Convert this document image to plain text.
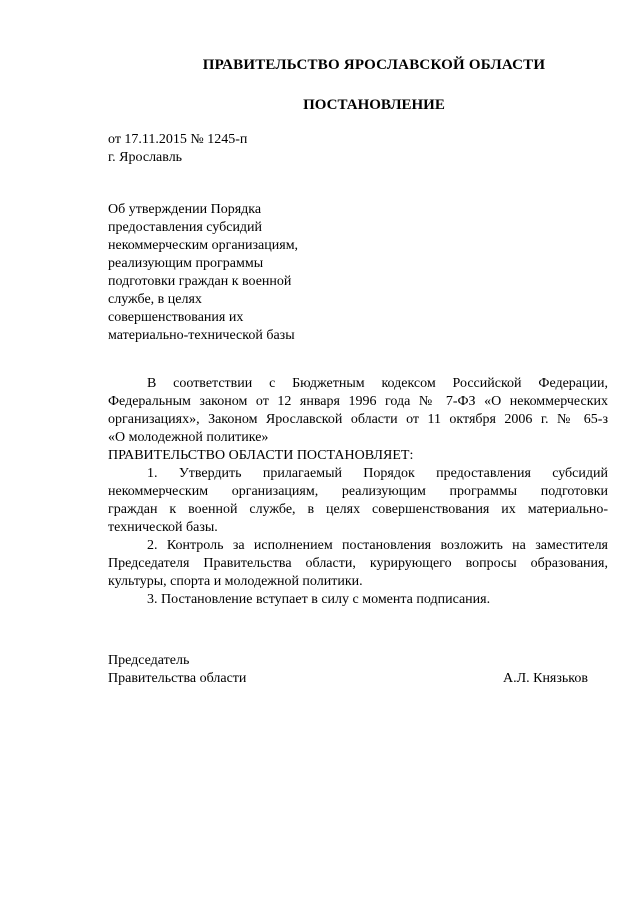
ПРАВИТЕЛЬСТВО ЯРОСЛАВСКОЙ ОБЛАСТИ
ПОСТАНОВЛЕНИЕ
от 17.11.2015 № 1245-п
г. Ярославль
Об утверждении Порядка
предоставления субсидий
некоммерческим организациям,
реализующим программы
подготовки граждан к военной
службе, в целях
совершенствования их
материально-технической базы
В соответствии с Бюджетным кодексом Российской Федерации,
Федеральным законом от 12 января 1996 года № 7-ФЗ «О некоммерческих
организациях», Законом Ярославской области от 11 октября 2006 г. № 65-з
«О молодежной политике»
ПРАВИТЕЛЬСТВО ОБЛАСТИ ПОСТАНОВЛЯЕТ:
1. Утвердить прилагаемый Порядок предоставления субсидий
некоммерческим организациям, реализующим программы подготовки
граждан к военной службе, в целях совершенствования их материально-
технической базы.
2. Контроль за исполнением постановления возложить на заместителя
Председателя Правительства области, курирующего вопросы образования,
культуры, спорта и молодежной политики.
3. Постановление вступает в силу с момента подписания.
Председатель
Правительства области	А.Л. Князьков
